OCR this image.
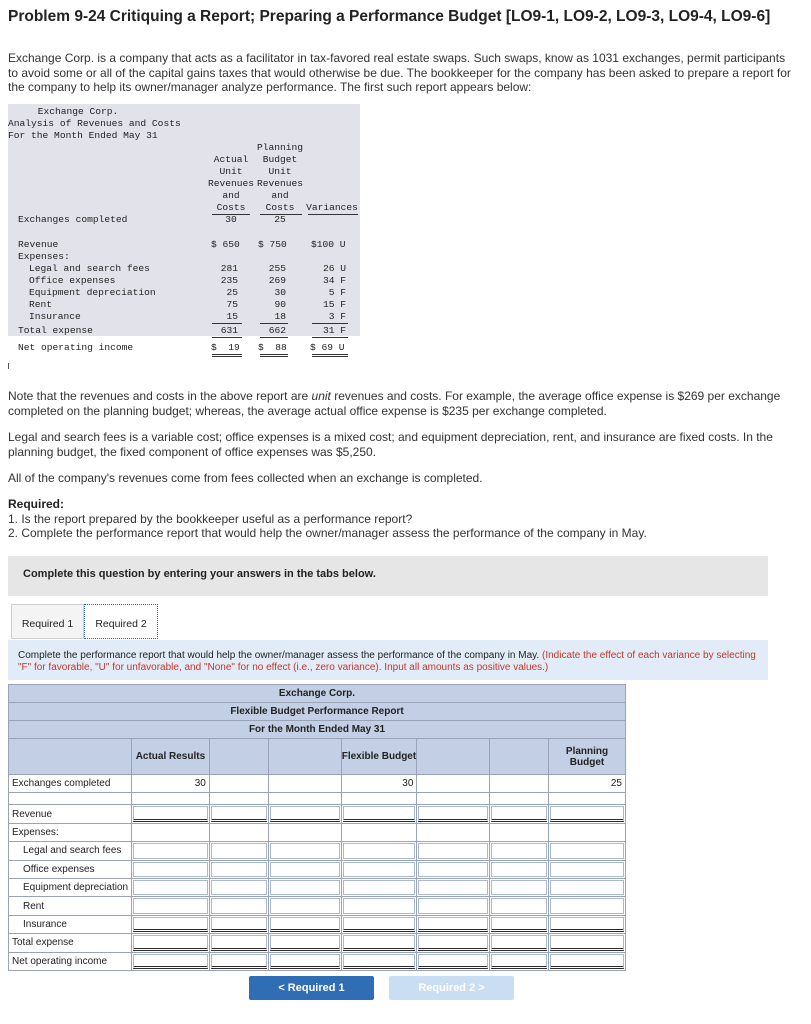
Problem 9-24 Critiquing a Report; Preparing a Performance Budget [LO9-1, LO9-2, LO9-3, LO9-4, LO9-6]

Exchange Corp. is a company that acts as a facilitator in tax-favored real estate swaps. Such swaps, know as 1031 exchanges, permit participants to avoid some or all of the capital gains taxes that would otherwise be due. The bookkeeper for the company has been asked to prepare a report for the company to help its owner/manager analyze performance. The first such report appears below:

Exchange Corp.
Analysis of Revenues and Costs
For the Month Ended May 31
Planning
Actual	Budget
Unit	Unit
Revenues Revenues
and	and
Costs	Costs	Variances
Exchanges completed	30	25
Revenue	$ 650 $ 750	$100 U
Expenses:
Legal and search fees	281	255	26 U
Office expenses	235	269	34 F
Equipment depreciation	25	30	5 F
Rent	75	90	15 F
Insurance	15	18	3 F
Total expense	631	662	31 F
Net operating income	$  19 $  88 $ 69 U

Note that the revenues and costs in the above report are unit revenues and costs. For example, the average office expense is $269 per exchange completed on the planning budget; whereas, the average actual office expense is $235 per exchange completed.

Legal and search fees is a variable cost; office expenses is a mixed cost; and equipment depreciation, rent, and insurance are fixed costs. In the planning budget, the fixed component of office expenses was $5,250.

All of the company's revenues come from fees collected when an exchange is completed.

Required:

1. Is the report prepared by the bookkeeper useful as a performance report?

2. Complete the performance report that would help the owner/manager assess the performance of the company in May.

Complete this question by entering your answers in the tabs below.
Required 1	Required 2
Complete the performance report that would help the owner/manager assess the performance of the company in May. (Indicate the effect of each variance by selecting "F" for favorable, "U" for unfavorable, and "None" for no effect (i.e., zero variance). Input all amounts as positive values.)
Exchange Corp.							
Flexible Budget Performance Report							
For the Month Ended May 31							
	Actual Results			Flexible Budget			Planning Budget
Exchanges completed	30			30			25

Revenue	

Expenses:							
Legal and search fees	

Office expenses	

Equipment depreciation	

Rent	

Insurance	

Total expense	

Net operating income	

< Required 1	Required 2 >
